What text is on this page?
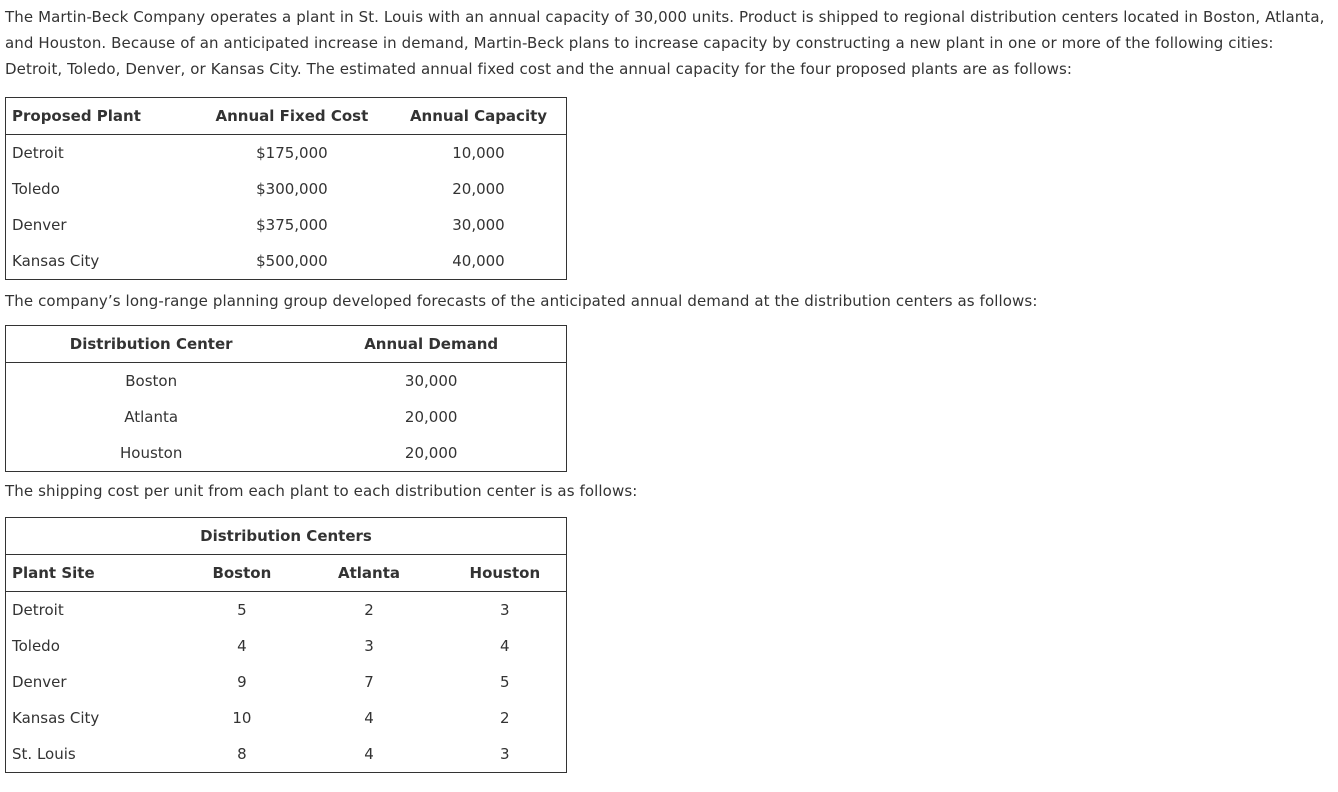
The Martin-Beck Company operates a plant in St. Louis with an annual capacity of 30,000 units. Product is shipped to regional distribution centers located in Boston, Atlanta, and Houston. Because of an anticipated increase in demand, Martin-Beck plans to increase capacity by constructing a new plant in one or more of the following cities: Detroit, Toledo, Denver, or Kansas City. The estimated annual fixed cost and the annual capacity for the four proposed plants are as follows:

Proposed Plant	Annual Fixed Cost	Annual Capacity
Detroit	$175,000	10,000
Toledo	$300,000	20,000
Denver	$375,000	30,000
Kansas City	$500,000	40,000

The company’s long-range planning group developed forecasts of the anticipated annual demand at the distribution centers as follows:

Distribution Center	Annual Demand
Boston	30,000
Atlanta	20,000
Houston	20,000

The shipping cost per unit from each plant to each distribution center is as follows:

Distribution Centers			
Plant Site	Boston	Atlanta	Houston
Detroit	5	2	3
Toledo	4	3	4
Denver	9	7	5
Kansas City	10	4	2
St. Louis	8	4	3
